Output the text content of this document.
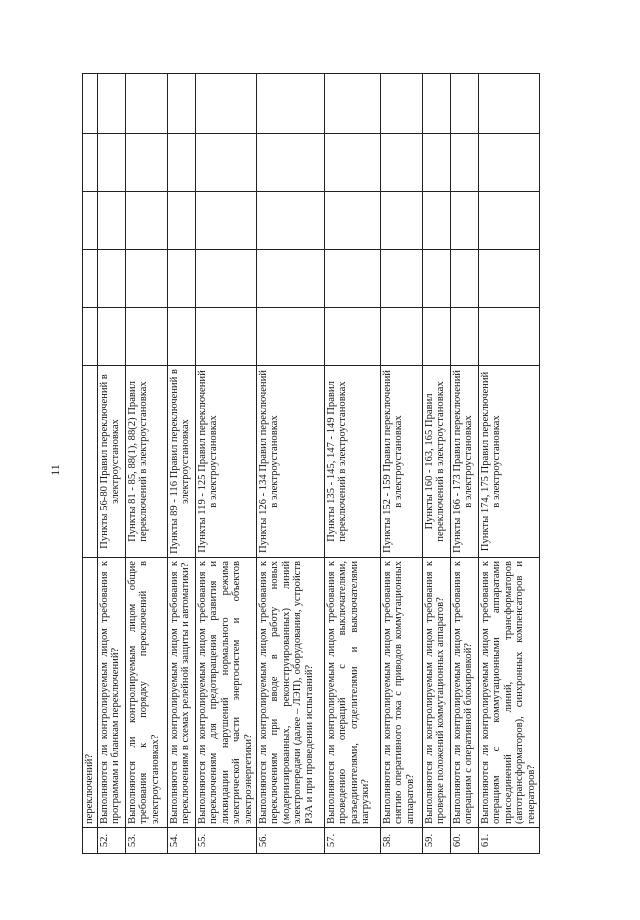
11
	переключений?						
52.	Выполняются ли контролируемым лицом требования к программам и бланкам переключений?	Пункты 56-80 Правил переключений в электроустановках					
53.	Выполняются ли контролируемым лицом общие требования к порядку переключений в электроустановках?	Пункты 81 - 85, 88(1), 88(2) Правил переключений в электроустановках					
54.	Выполняются ли контролируемым лицом требования к переключениям в схемах релейной защиты и автоматики?	Пункты 89 - 116 Правил переключений в электроустановках					
55.	Выполняются ли контролируемым лицом требования к переключениям для предотвращения развития и ликвидации нарушений нормального режима электрической части энергосистем и объектов электроэнергетики?	Пункты 119 - 125 Правил переключений в электроустановках					
56.	Выполняются ли контролируемым лицом требования к переключениям при вводе в работу новых (модернизированных, реконструированных) линий электропередачи (далее – ЛЭП), оборудования, устройств РЗА и при проведении испытаний?	Пункты 126 - 134 Правил переключений в электроустановках					
57.	Выполняются ли контролируемым лицом требования к проведению операций с выключателями, разъединителями, отделителями и выключателями нагрузки?	Пункты 135 - 145, 147 - 149 Правил переключений в электроустановках					
58.	Выполняются ли контролируемым лицом требования к снятию оперативного тока с приводов коммутационных аппаратов?	Пункты 152 - 159 Правил переключений в электроустановках					
59.	Выполняются ли контролируемым лицом требования к проверке положений коммутационных аппаратов?	Пункты 160 - 163, 165 Правил переключений в электроустановках					
60.	Выполняются ли контролируемым лицом требования к операциям с оперативной блокировкой?	Пункты 166 - 173 Правил переключений в электроустановках					
61.	Выполняются ли контролируемым лицом требования к операциям с коммутационными аппаратами присоединений линий, трансформаторов (автотрансформаторов), синхронных компенсаторов и генераторов?	Пункты 174, 175 Правил переключений в электроустановках					
